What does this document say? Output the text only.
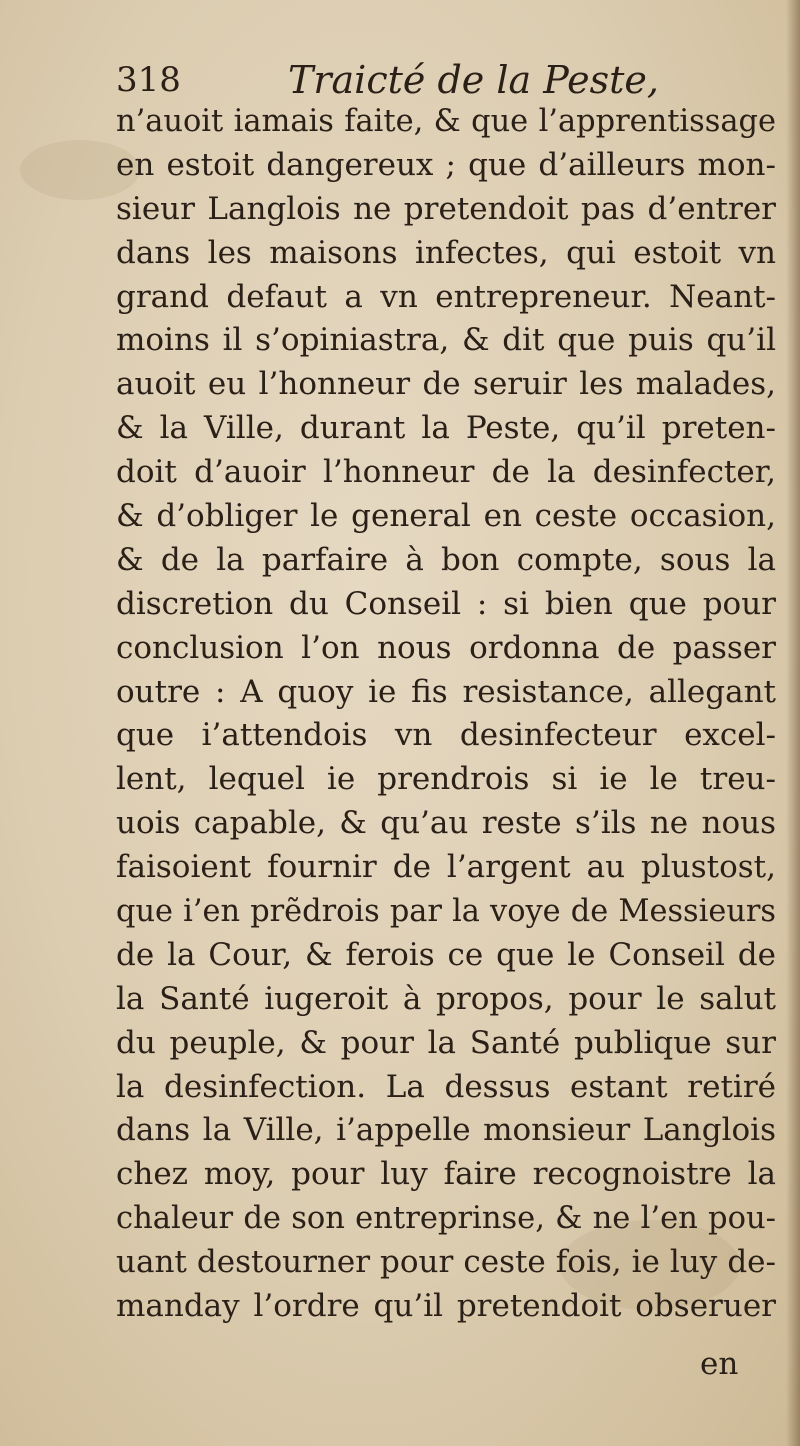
318	Traicté de la Peste,
n’auoit iamais faite, & que l’apprentissage
en estoit dangereux ; que d’ailleurs mon-
sieur Langlois ne pretendoit pas d’entrer
dans les maisons infectes, qui estoit vn
grand defaut a vn entrepreneur. Neant-
moins il s’opiniastra, & dit que puis qu’il
auoit eu l’honneur de seruir les malades,
& la Ville, durant la Peste, qu’il preten-
doit d’auoir l’honneur de la desinfecter,
& d’obliger le general en ceste occasion,
& de la parfaire à bon compte, sous la
discretion du Conseil : si bien que pour
conclusion l’on nous ordonna de passer
outre : A quoy ie fis resistance, allegant
que i’attendois vn desinfecteur excel-
lent, lequel ie prendrois si ie le treu-
uois capable, & qu’au reste s’ils ne nous
faisoient fournir de l’argent au plustost,
que i’en prẽdrois par la voye de Messieurs
de la Cour, & ferois ce que le Conseil de
la Santé iugeroit à propos, pour le salut
du peuple, & pour la Santé publique sur
la desinfection. La dessus estant retiré
dans la Ville, i’appelle monsieur Langlois
chez moy, pour luy faire recognoistre la
chaleur de son entreprinse, & ne l’en pou-
uant destourner pour ceste fois, ie luy de-
manday l’ordre qu’il pretendoit obseruer
en
